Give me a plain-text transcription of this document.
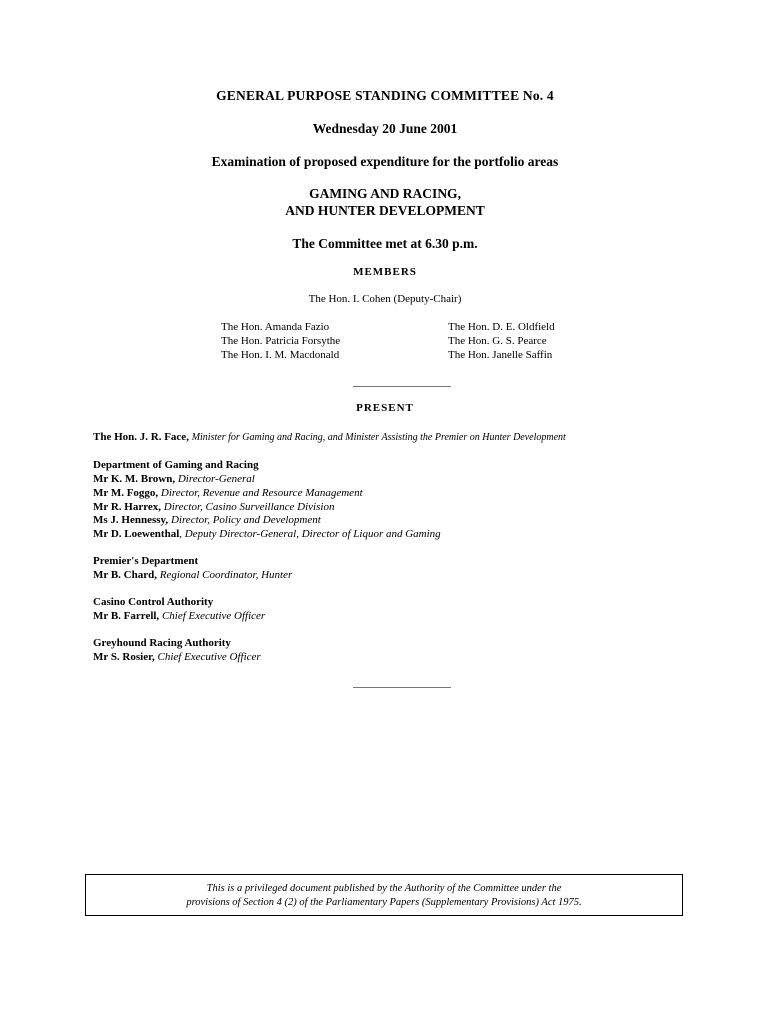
GENERAL PURPOSE STANDING COMMITTEE No. 4
Wednesday 20 June 2001
Examination of proposed expenditure for the portfolio areas
GAMING AND RACING,
AND HUNTER DEVELOPMENT
The Committee met at 6.30 p.m.
MEMBERS
The Hon. I. Cohen (Deputy-Chair)
The Hon. Amanda Fazio
The Hon. Patricia Forsythe
The Hon. I. M. Macdonald
The Hon. D. E. Oldfield
The Hon. G. S. Pearce
The Hon. Janelle Saffin
PRESENT
The Hon. J. R. Face, Minister for Gaming and Racing, and Minister Assisting the Premier on Hunter Development
Department of Gaming and Racing
Mr K. M. Brown, Director-General
Mr M. Foggo, Director, Revenue and Resource Management
Mr R. Harrex, Director, Casino Surveillance Division
Ms J. Hennessy, Director, Policy and Development
Mr D. Loewenthal, Deputy Director-General, Director of Liquor and Gaming
Premier's Department
Mr B. Chard, Regional Coordinator, Hunter
Casino Control Authority
Mr B. Farrell, Chief Executive Officer
Greyhound Racing Authority
Mr S. Rosier, Chief Executive Officer
This is a privileged document published by the Authority of the Committee under the
provisions of Section 4 (2) of the Parliamentary Papers (Supplementary Provisions) Act 1975.
